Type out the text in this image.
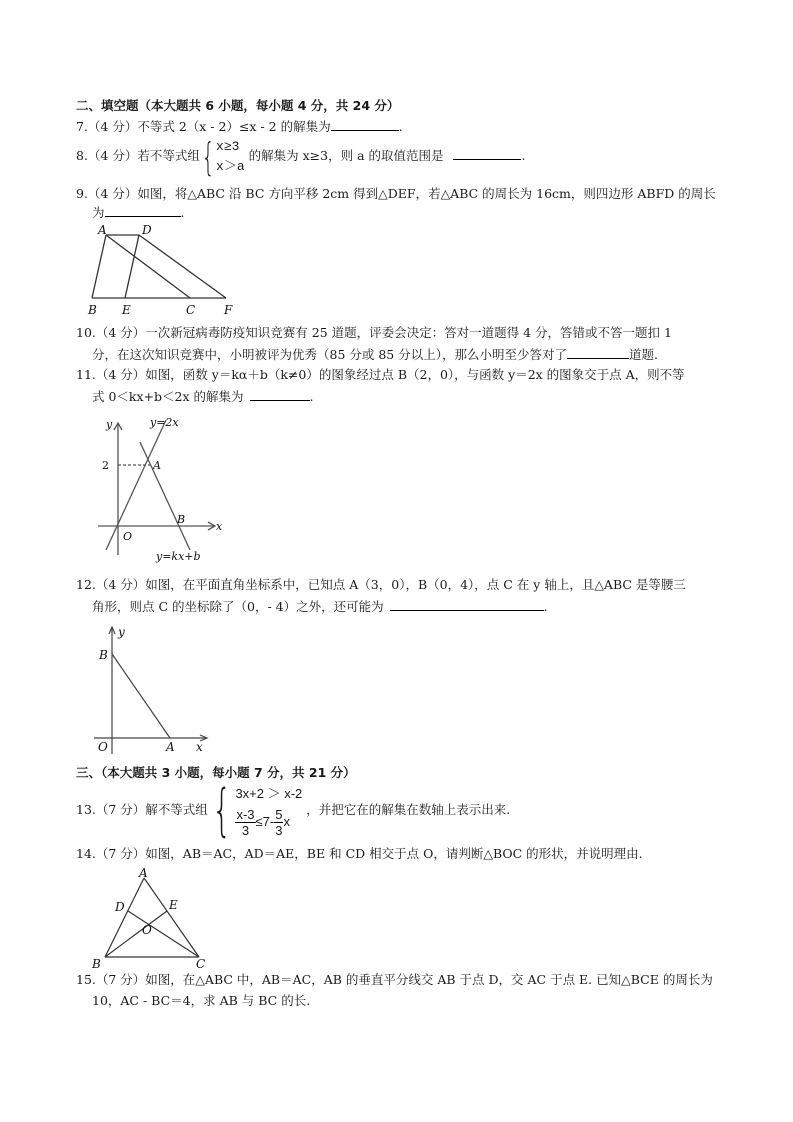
二、填空题（本大题共 6 小题，每小题 4 分，共 24 分）
7.（4 分）不等式 2（x - 2）≤x - 2 的解集为	.
8.（4 分）若不等式组{ x≥3
x＞a
的解集为 x≥3，则 a 的取值范围是	.
9.（4 分）如图，将△ABC 沿 BC 方向平移 2cm 得到△DEF，若△ABC 的周长为 16cm，则四边形 ABFD 的周长
为	.
A	D
B E	C F
10.（4 分）一次新冠病毒防疫知识竞赛有 25 道题，评委会决定：答对一道题得 4 分，答错或不答一题扣 1
分，在这次知识竞赛中，小明被评为优秀（85 分或 85 分以上），那么小明至少答对了	道题.
11.（4 分）如图，函数 y＝kα＋b（k≠0）的图象经过点 B（2，0），与函数 y＝2x 的图象交于点 A，则不等
式 0＜kx+b＜2x 的解集为	.
y	y=2x
2	A
B
x
O
y=kx+b
12.（4 分）如图，在平面直角坐标系中，已知点 A（3，0），B（0，4），点 C 在 y 轴上，且△ABC 是等腰三
角形，则点 C 的坐标除了（0，- 4）之外，还可能为	.
y
B
O	A x
三、（本大题共 3 小题，每小题 7 分，共 21 分）
13.（7 分）解不等式组{ 3x+2 ＞ x-2
$\frac{x-3}{3} \le 7- \frac{5}{3}$ x
，并把它在的解集在数轴上表示出来.
14.（7 分）如图，AB＝AC，AD＝AE，BE 和 CD 相交于点 O，请判断△BOC 的形状，并说明理由.
A
D	E
O
B	C
15.（7 分）如图，在△ABC 中，AB＝AC，AB 的垂直平分线交 AB 于点 D，交 AC 于点 E. 已知△BCE 的周长为
10，AC - BC＝4，求 AB 与 BC 的长.
